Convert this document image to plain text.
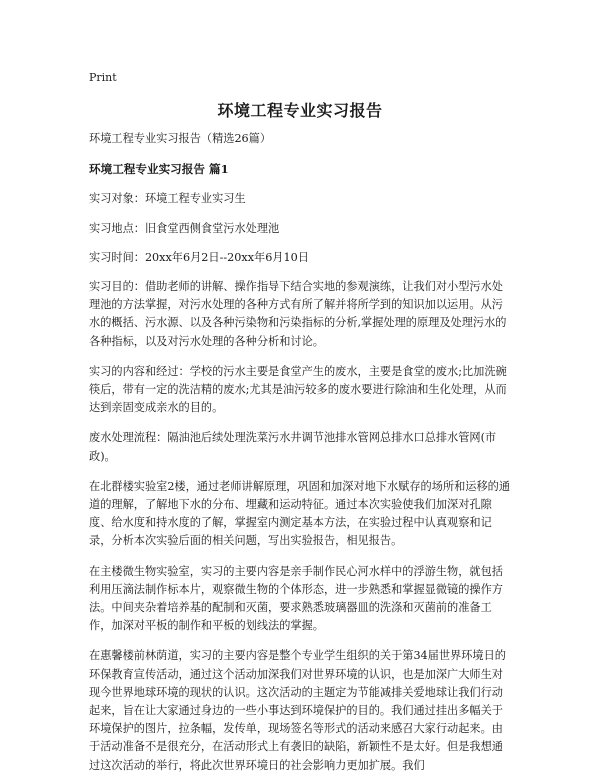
Print
环境工程专业实习报告

环境工程专业实习报告（精选26篇）

环境工程专业实习报告 篇1

实习对象：环境工程专业实习生

实习地点：旧食堂西侧食堂污水处理池

实习时间：20xx年6月2日--20xx年6月10日

实习目的：借助老师的讲解、操作指导下结合实地的参观演练，让我们对小型污水处理池的方法掌握，对污水处理的各种方式有所了解并将所学到的知识加以运用。从污水的概括、污水源、以及各种污染物和污染指标的分析,掌握处理的原理及处理污水的各种指标，以及对污水处理的各种分析和讨论。

实习的内容和经过：学校的污水主要是食堂产生的废水，主要是食堂的废水;比加洗碗筷后，带有一定的洗洁精的废水;尤其是油污较多的废水要进行除油和生化处理，从而达到亲固变成亲水的目的。

废水处理流程：隔油池后续处理洗菜污水井调节池排水管网总排水口总排水管网(市政)。

在北群楼实验室2楼，通过老师讲解原理，巩固和加深对地下水赋存的场所和运移的通道的理解，了解地下水的分布、埋藏和运动特征。通过本次实验使我们加深对孔隙度、给水度和持水度的了解，掌握室内测定基本方法，在实验过程中认真观察和记录，分析本次实验后面的相关问题，写出实验报告，相见报告。

在主楼微生物实验室，实习的主要内容是亲手制作民心河水样中的浮游生物，就包括利用压滴法制作标本片，观察微生物的个体形态，进一步熟悉和掌握显微镜的操作方法。中间夹杂着培养基的配制和灭菌，要求熟悉玻璃器皿的洗涤和灭菌前的准备工作，加深对平板的制作和平板的划线法的掌握。

在惠馨楼前林荫道，实习的主要内容是整个专业学生组织的关于第34届世界环境日的环保教育宣传活动，通过这个活动加深我们对世界环境的认识，也是加深广大师生对现今世界地球环境的现状的认识。这次活动的主题定为节能减排关爱地球让我们行动起来，旨在让大家通过身边的一些小事达到环境保护的目的。我们通过挂出多幅关于环境保护的图片，拉条幅，发传单，现场签名等形式的活动来感召大家行动起来。由于活动准备不是很充分，在活动形式上有袭旧的缺陷，新颖性不是太好。但是我想通过这次活动的举行，将此次世界环境日的社会影响力更加扩展。我们
